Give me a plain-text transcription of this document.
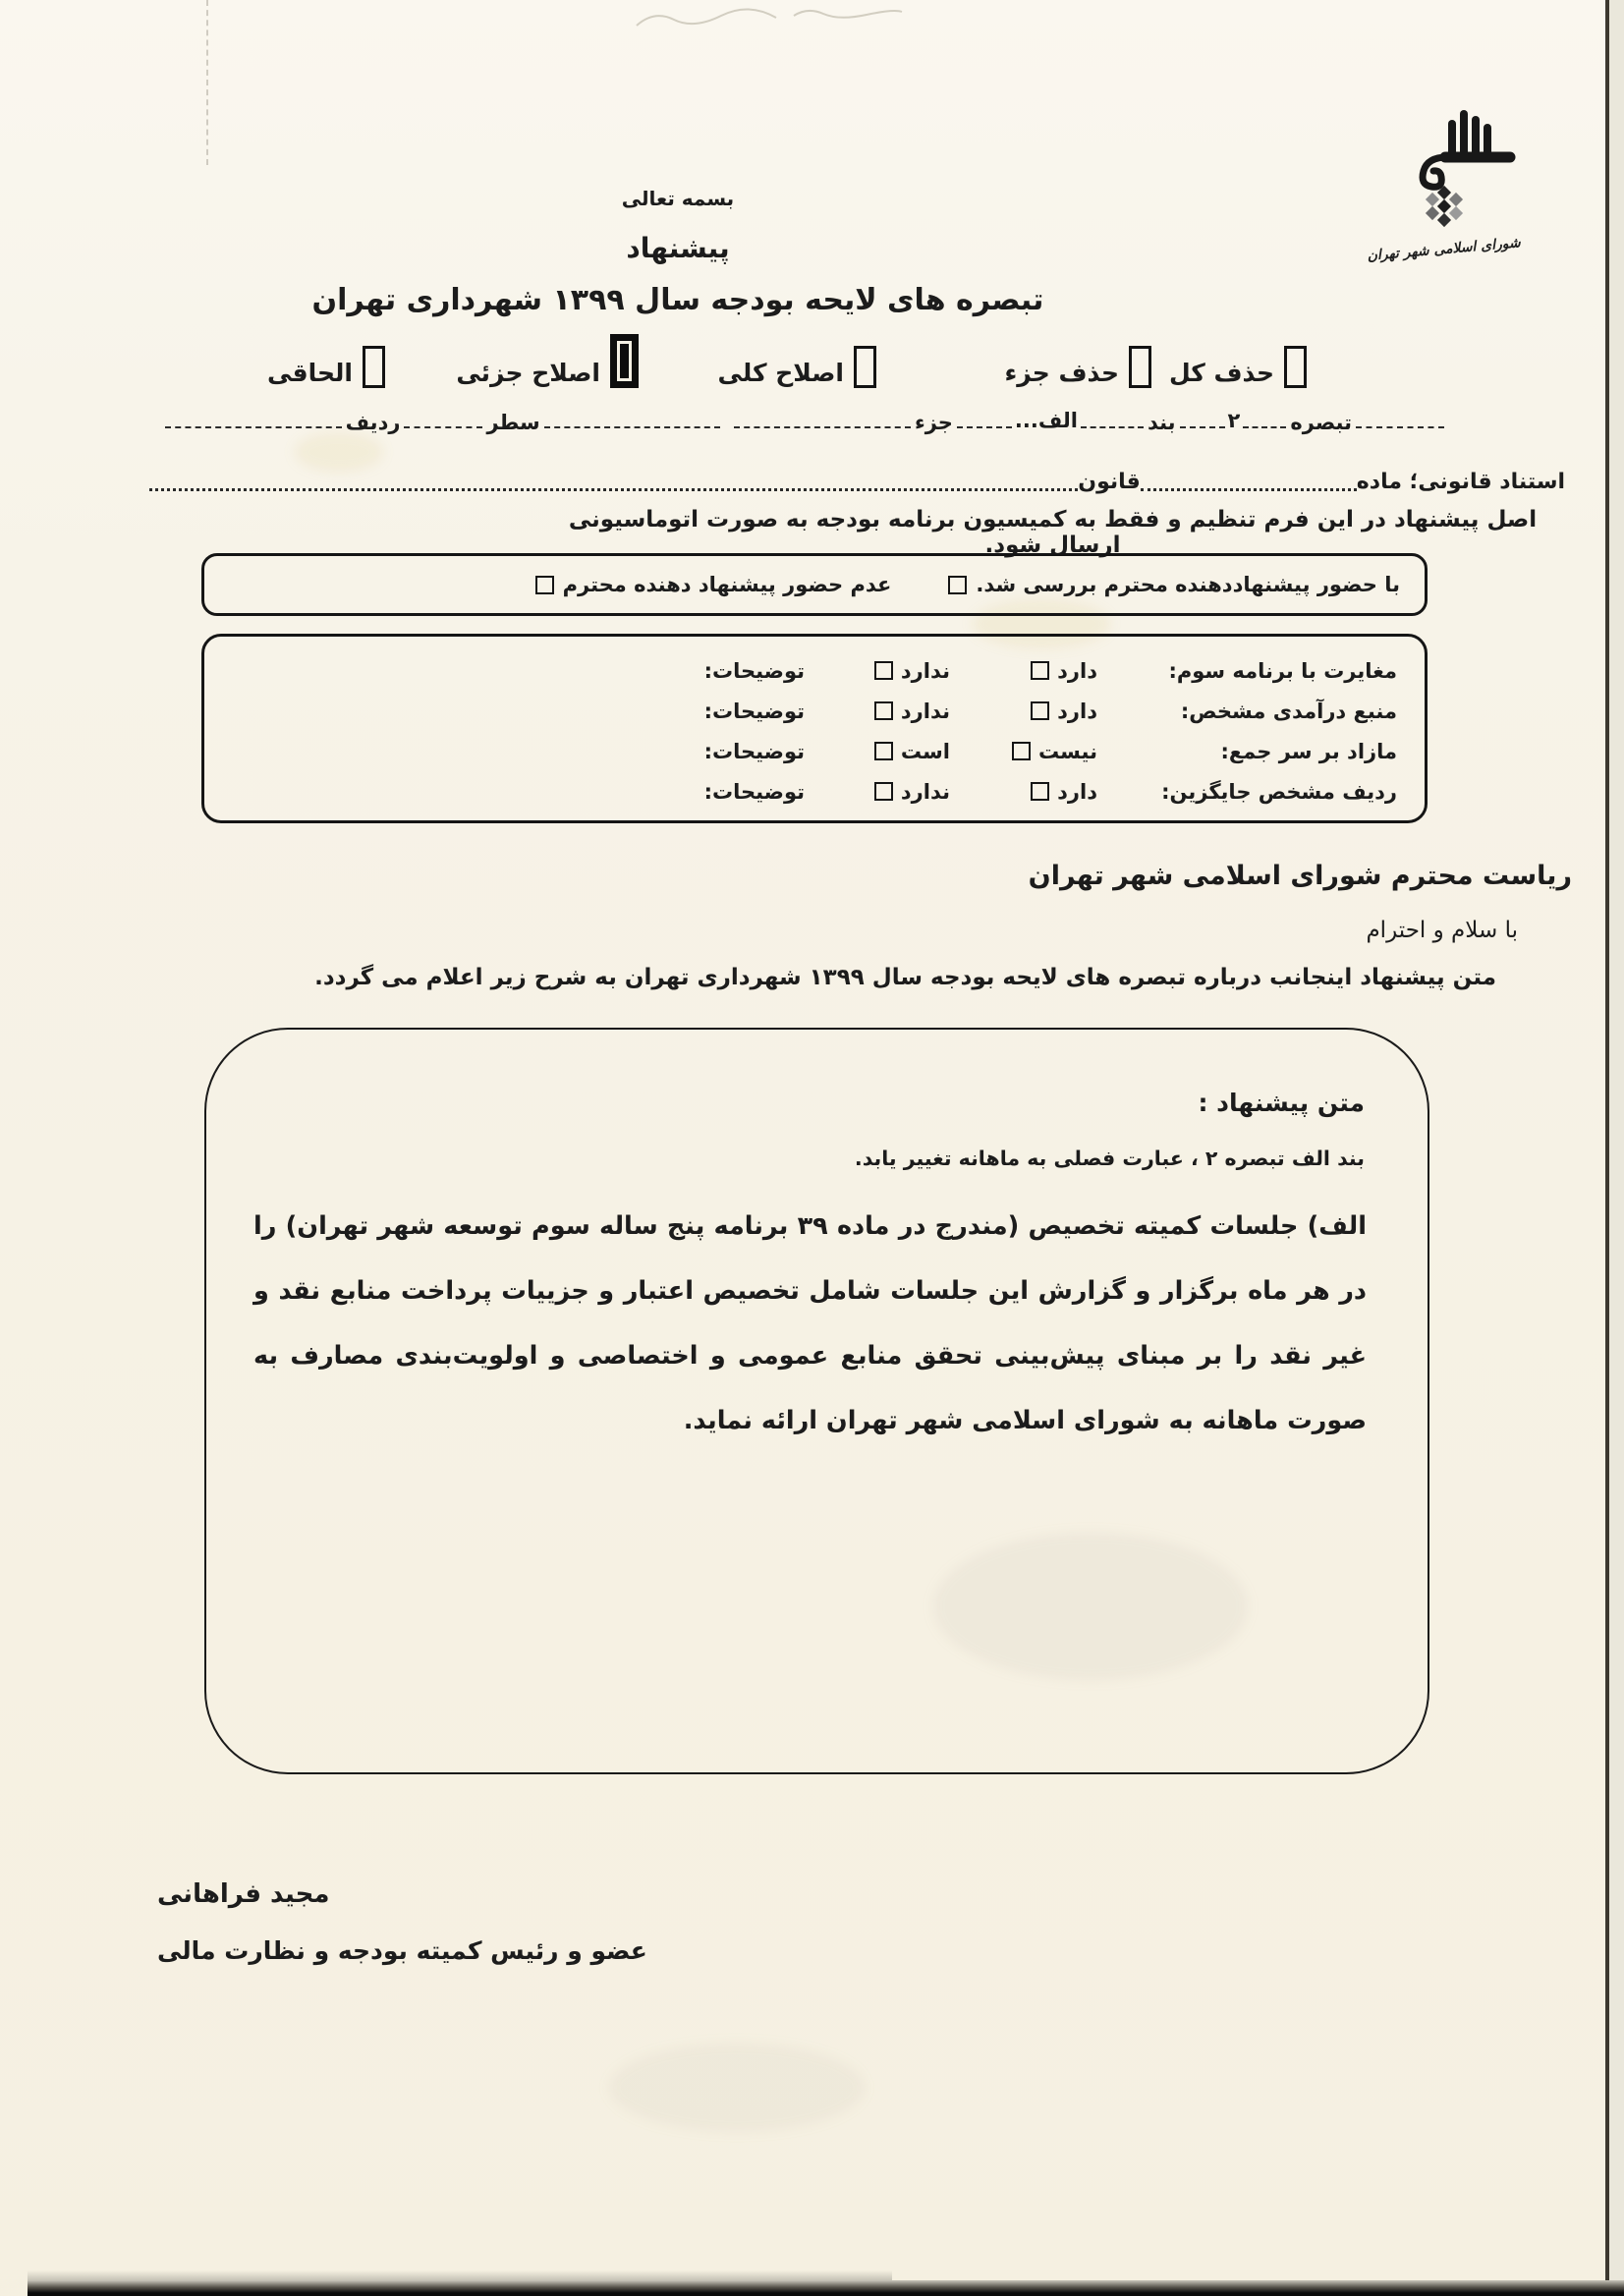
شورای اسلامی شهر تهران
بسمه تعالی
پیشنهاد
تبصره های لایحه بودجه سال ۱۳۹۹ شهرداری تهران
حذف کل
حذف جزء
اصلاح کلی
اصلاح جزئی
الحاقی
تبصره
۲
بند
الف...
جزء
سطر
ردیف
استناد قانونی؛ ماده
قانون
اصل پیشنهاد در این فرم تنظیم و فقط به کمیسیون برنامه بودجه به صورت اتوماسیونی ارسال شود.
با حضور پیشنهاددهنده محترم بررسی شد.
عدم حضور پیشنهاد دهنده محترم
مغایرت با برنامه سوم:
دارد
ندارد
توضیحات:
منبع درآمدی مشخص:
دارد
ندارد
توضیحات:
مازاد بر سر جمع:
نیست
است
توضیحات:
ردیف مشخص جایگزین:
دارد
ندارد
توضیحات:
ریاست محترم شورای اسلامی شهر تهران
با سلام و احترام
متن پیشنهاد اینجانب درباره تبصره های لایحه بودجه سال ۱۳۹۹ شهرداری تهران به شرح زیر اعلام می گردد.
متن پیشنهاد :
بند الف تبصره ۲ ، عبارت فصلی به ماهانه تغییر یابد.
الف) جلسات کمیته تخصیص (مندرج در ماده ۳۹ برنامه پنج ساله سوم توسعه شهر تهران) را در هر ماه برگزار و گزارش این جلسات شامل تخصیص اعتبار و جزییات پرداخت منابع نقد و غیر نقد را بر مبنای پیش‌بینی تحقق منابع عمومی و اختصاصی و اولویت‌بندی مصارف به صورت ماهانه به شورای اسلامی شهر تهران ارائه نماید.
مجید فراهانی
عضو و رئیس کمیته بودجه و نظارت مالی
